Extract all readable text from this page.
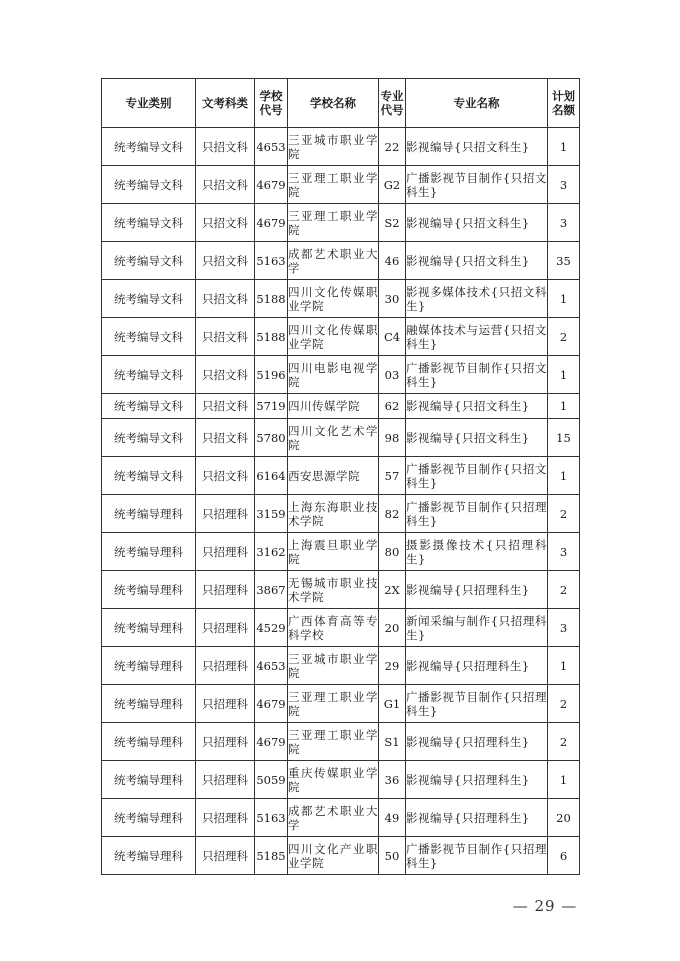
专业类别	文考科类	学校代号	学校名称	专业代号	专业名称	计划名额
统考编导文科	只招文科	4653	三亚城市职业学院	22	影视编导{只招文科生}	1
统考编导文科	只招文科	4679	三亚理工职业学院	G2	广播影视节目制作{只招文科生}	3
统考编导文科	只招文科	4679	三亚理工职业学院	S2	影视编导{只招文科生}	3
统考编导文科	只招文科	5163	成都艺术职业大学	46	影视编导{只招文科生}	35
统考编导文科	只招文科	5188	四川文化传媒职业学院	30	影视多媒体技术{只招文科生}	1
统考编导文科	只招文科	5188	四川文化传媒职业学院	C4	融媒体技术与运营{只招文科生}	2
统考编导文科	只招文科	5196	四川电影电视学院	03	广播影视节目制作{只招文科生}	1
统考编导文科	只招文科	5719	四川传媒学院	62	影视编导{只招文科生}	1
统考编导文科	只招文科	5780	四川文化艺术学院	98	影视编导{只招文科生}	15
统考编导文科	只招文科	6164	西安思源学院	57	广播影视节目制作{只招文科生}	1
统考编导理科	只招理科	3159	上海东海职业技术学院	82	广播影视节目制作{只招理科生}	2
统考编导理科	只招理科	3162	上海震旦职业学院	80	摄影摄像技术{只招理科生}	3
统考编导理科	只招理科	3867	无锡城市职业技术学院	2X	影视编导{只招理科生}	2
统考编导理科	只招理科	4529	广西体育高等专科学校	20	新闻采编与制作{只招理科生}	3
统考编导理科	只招理科	4653	三亚城市职业学院	29	影视编导{只招理科生}	1
统考编导理科	只招理科	4679	三亚理工职业学院	G1	广播影视节目制作{只招理科生}	2
统考编导理科	只招理科	4679	三亚理工职业学院	S1	影视编导{只招理科生}	2
统考编导理科	只招理科	5059	重庆传媒职业学院	36	影视编导{只招理科生}	1
统考编导理科	只招理科	5163	成都艺术职业大学	49	影视编导{只招理科生}	20
统考编导理科	只招理科	5185	四川文化产业职业学院	50	广播影视节目制作{只招理科生}	6
— 29 —
